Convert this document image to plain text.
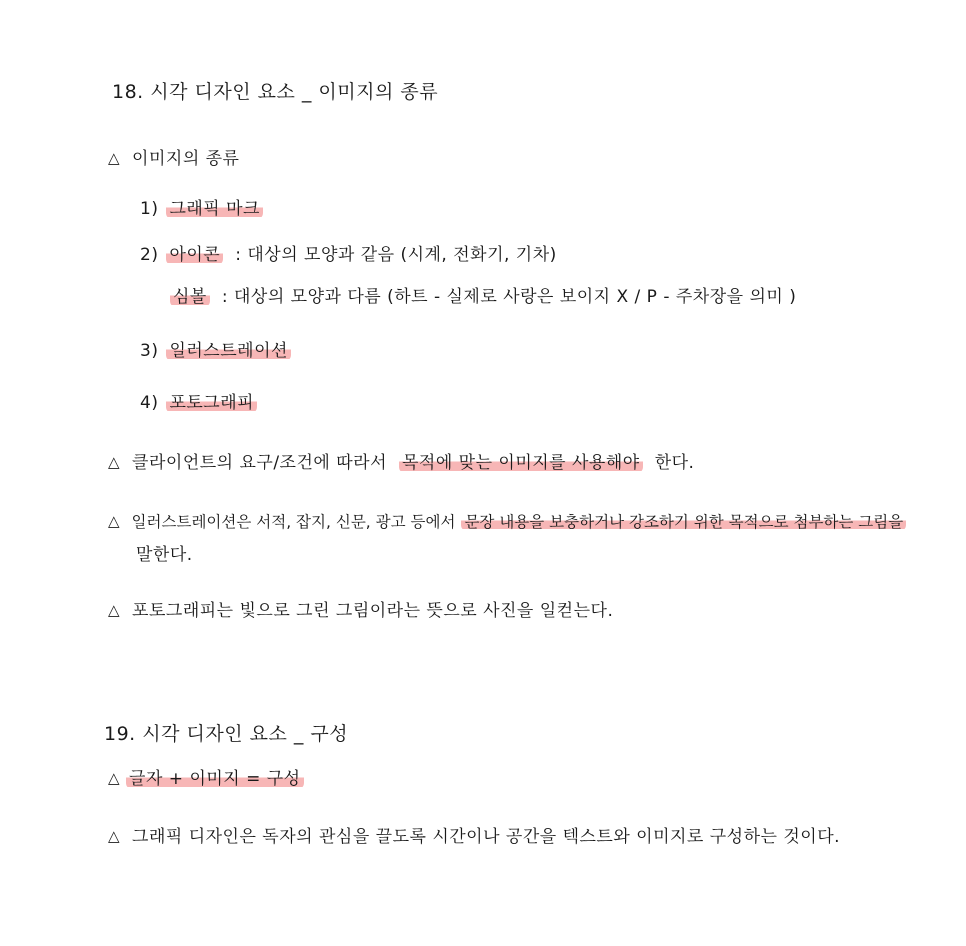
18. 시각 디자인 요소 _ 이미지의 종류
△ 이미지의 종류
1) 그래픽 마크
2) 아이콘 : 대상의 모양과 같음 (시계, 전화기, 기차)
심볼 : 대상의 모양과 다름 (하트 - 실제로 사랑은 보이지 X / P - 주차장을 의미 )
3) 일러스트레이션
4) 포토그래피
△ 클라이언트의 요구/조건에 따라서 목적에 맞는 이미지를 사용해야 한다.
△ 일러스트레이션은 서적, 잡지, 신문, 광고 등에서 문장 내용을 보충하거나 강조하기 위한 목적으로 첨부하는 그림을
말한다.
△ 포토그래피는 빛으로 그린 그림이라는 뜻으로 사진을 일컫는다.
19. 시각 디자인 요소 _ 구성
△ 글자 + 이미지 = 구성
△ 그래픽 디자인은 독자의 관심을 끌도록 시간이나 공간을 텍스트와 이미지로 구성하는 것이다.
